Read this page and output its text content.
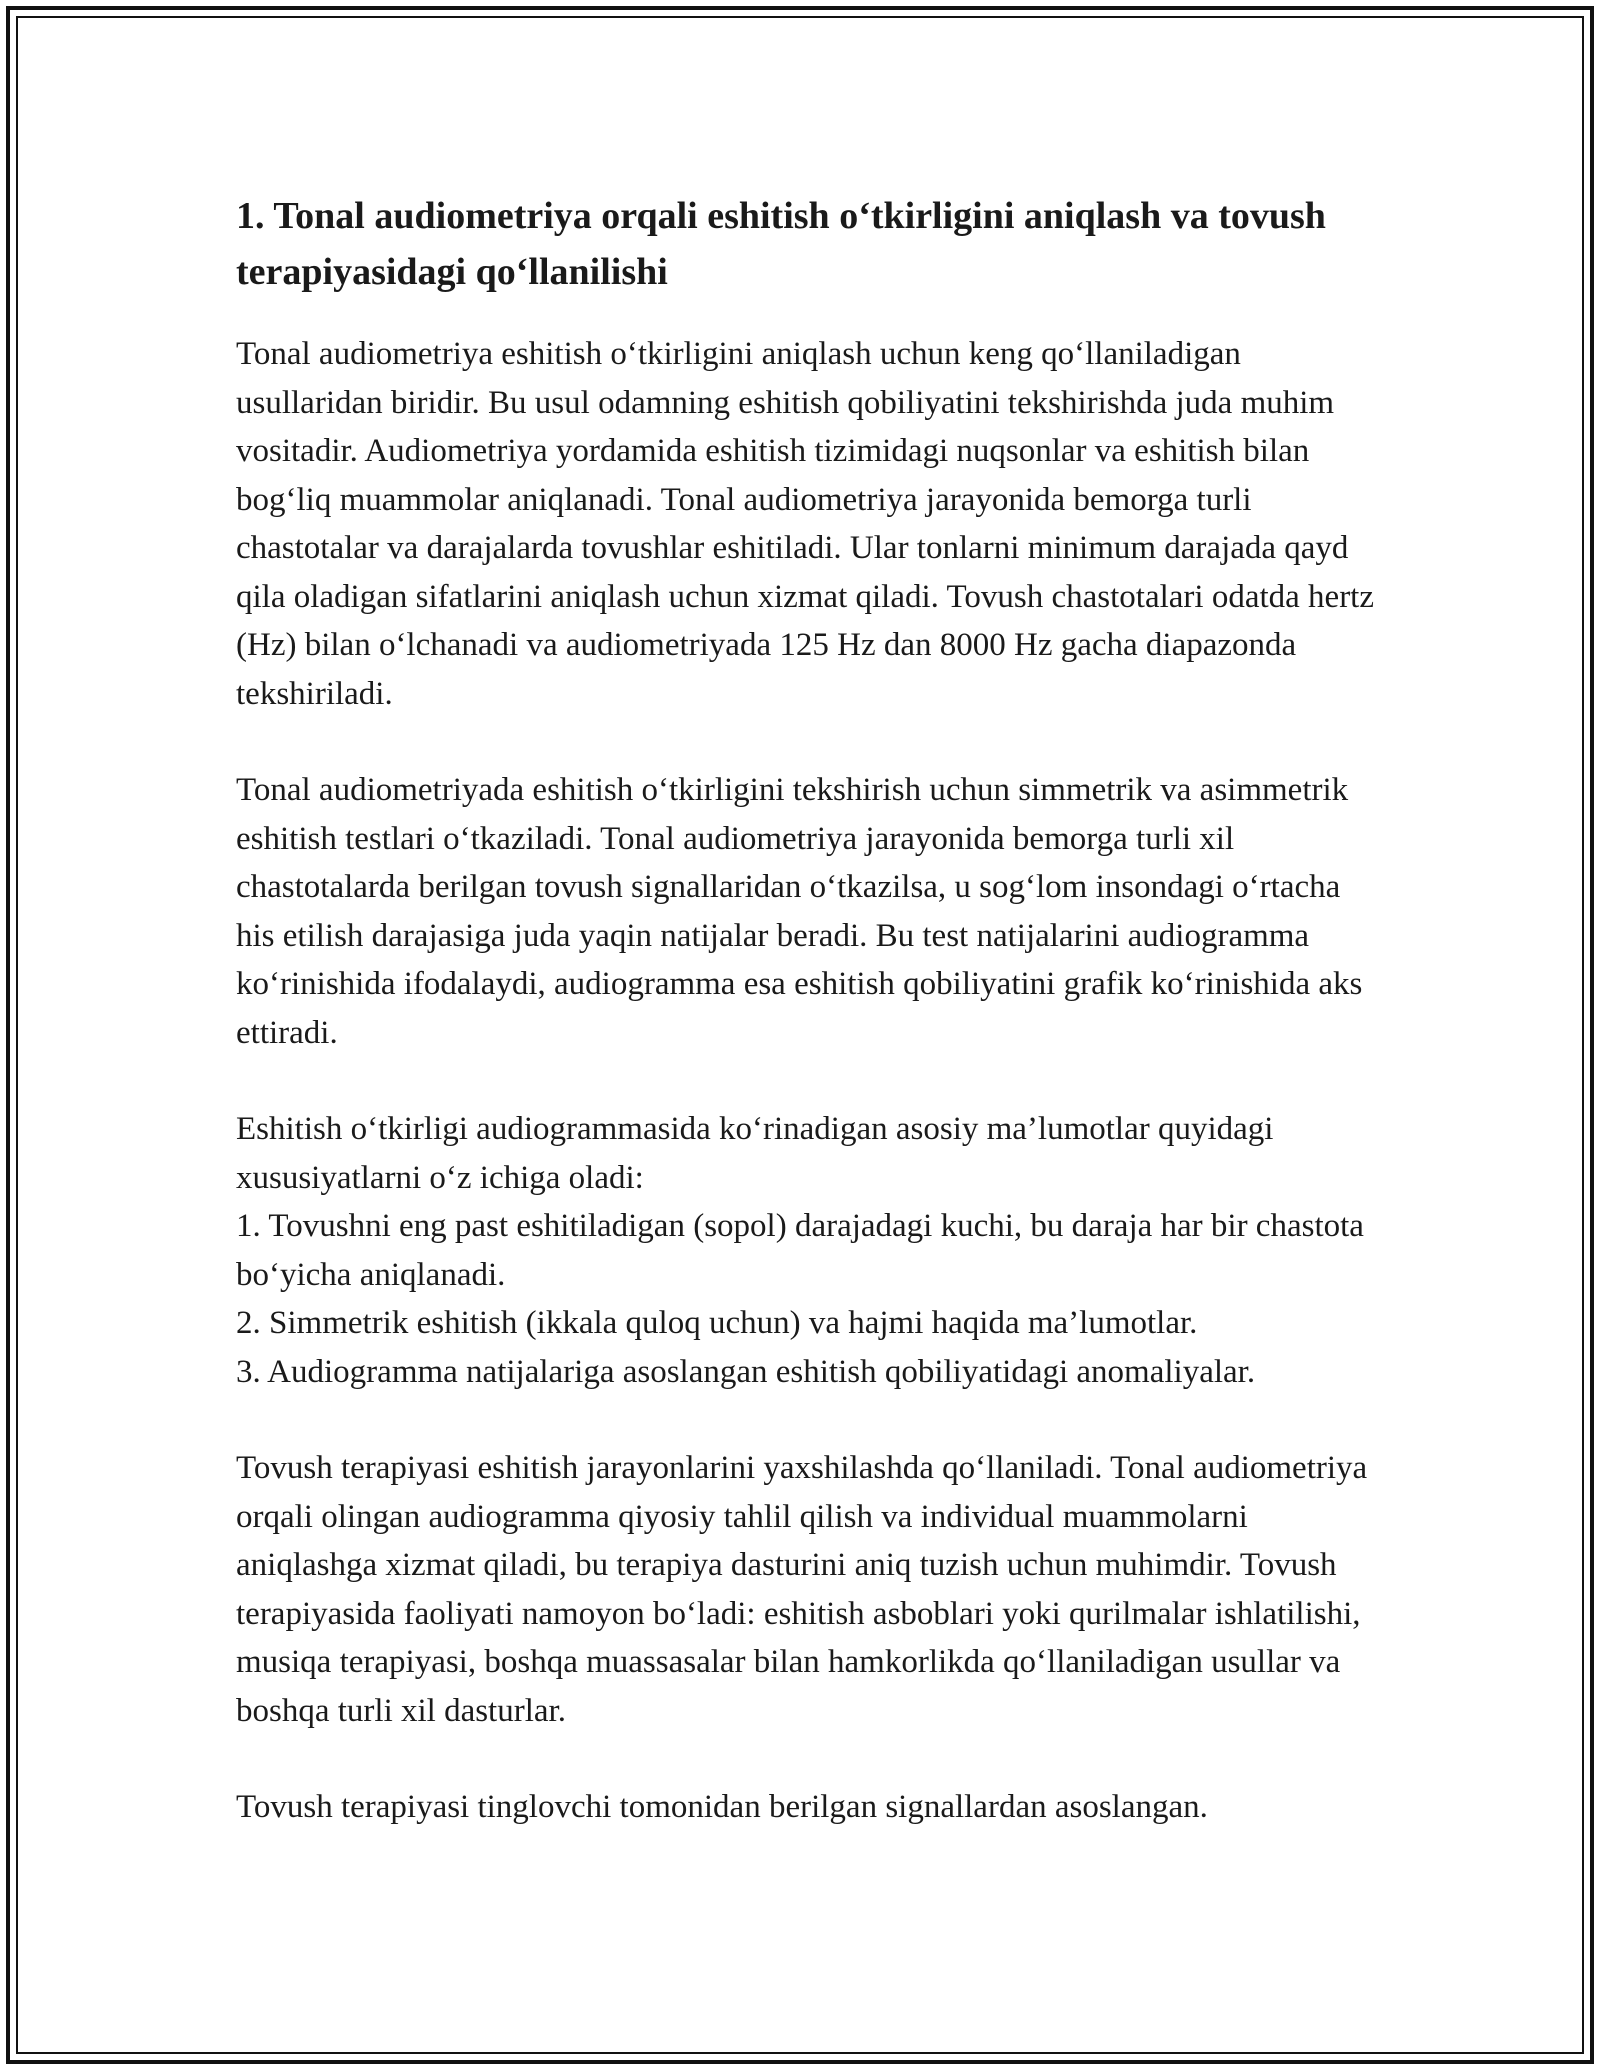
1. Tonal audiometriya orqali eshitish o‘tkirligini aniqlash va tovush terapiyasidagi qo‘llanilishi

Tonal audiometriya eshitish o‘tkirligini aniqlash uchun keng qo‘llaniladigan usullaridan biridir. Bu usul odamning eshitish qobiliyatini tekshirishda juda muhim vositadir. Audiometriya yordamida eshitish tizimidagi nuqsonlar va eshitish bilan bog‘liq muammolar aniqlanadi. Tonal audiometriya jarayonida bemorga turli chastotalar va darajalarda tovushlar eshitiladi. Ular tonlarni minimum darajada qayd qila oladigan sifatlarini aniqlash uchun xizmat qiladi. Tovush chastotalari odatda hertz (Hz) bilan o‘lchanadi va audiometriyada 125 Hz dan 8000 Hz gacha diapazonda tekshiriladi.

Tonal audiometriyada eshitish o‘tkirligini tekshirish uchun simmetrik va asimmetrik eshitish testlari o‘tkaziladi. Tonal audiometriya jarayonida bemorga turli xil chastotalarda berilgan tovush signallaridan o‘tkazilsa, u sog‘lom insondagi o‘rtacha his etilish darajasiga juda yaqin natijalar beradi. Bu test natijalarini audiogramma ko‘rinishida ifodalaydi, audiogramma esa eshitish qobiliyatini grafik ko‘rinishida aks ettiradi.

Eshitish o‘tkirligi audiogrammasida ko‘rinadigan asosiy ma’lumotlar quyidagi xususiyatlarni o‘z ichiga oladi:

1. Tovushni eng past eshitiladigan (sopol) darajadagi kuchi, bu daraja har bir chastota bo‘yicha aniqlanadi.

2. Simmetrik eshitish (ikkala quloq uchun) va hajmi haqida ma’lumotlar.

3. Audiogramma natijalariga asoslangan eshitish qobiliyatidagi anomaliyalar.

Tovush terapiyasi eshitish jarayonlarini yaxshilashda qo‘llaniladi. Tonal audiometriya orqali olingan audiogramma qiyosiy tahlil qilish va individual muammolarni aniqlashga xizmat qiladi, bu terapiya dasturini aniq tuzish uchun muhimdir. Tovush terapiyasida faoliyati namoyon bo‘ladi: eshitish asboblari yoki qurilmalar ishlatilishi, musiqa terapiyasi, boshqa muassasalar bilan hamkorlikda qo‘llaniladigan usullar va boshqa turli xil dasturlar.

Tovush terapiyasi tinglovchi tomonidan berilgan signallardan asoslangan.
